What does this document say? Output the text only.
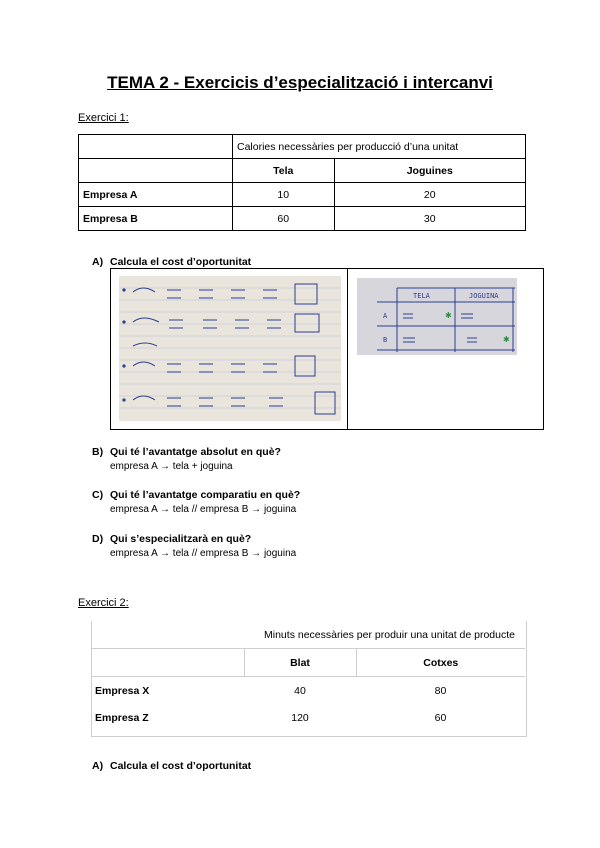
TEMA 2 - Exercicis d’especialització i intercanvi
Exercici 1:
	Calories necessàries per producció d’una unitat	
	Tela	Joguines
Empresa A	10	20
Empresa B	60	30
A) Calcula el cost d’oportunitat
TELA	JOGUINA
A
B
✱
✱
B) Qui té l’avantatge absolut en què?
empresa A → tela + joguina
C) Qui té l’avantatge comparatiu en què?
empresa A → tela // empresa B → joguina
D) Qui s’especialitzarà en què?
empresa A → tela // empresa B → joguina
Exercici 2:
	Minuts necessàries per produir una unitat de producte	
	Blat	Cotxes
Empresa X	40	80
Empresa Z	120	60
A) Calcula el cost d’oportunitat
